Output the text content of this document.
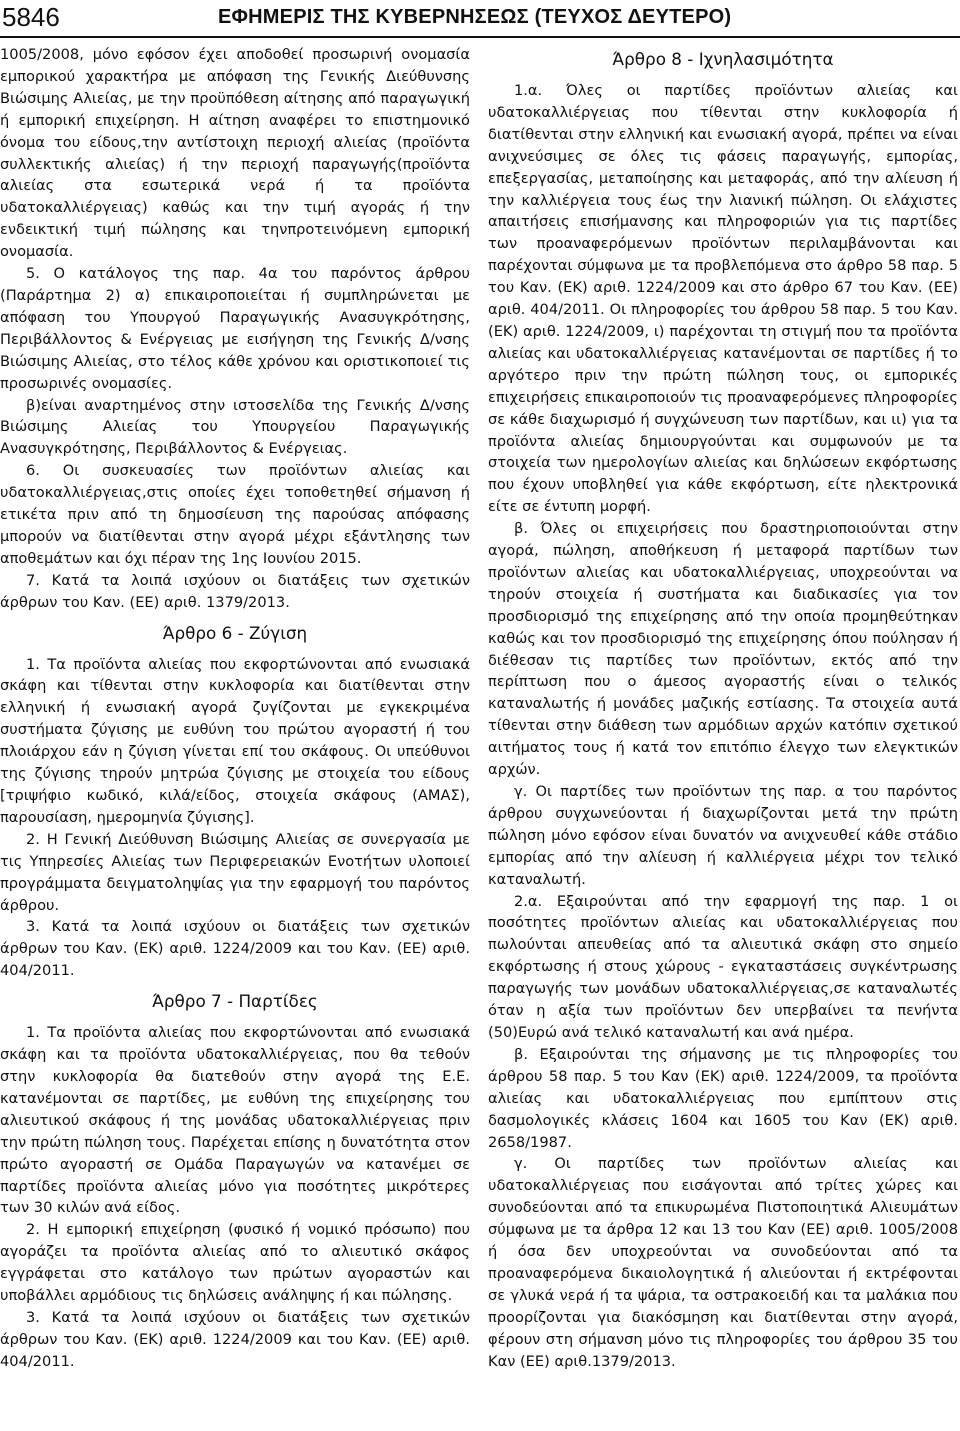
5846	ΕΦΗΜΕΡΙΣ ΤΗΣ ΚΥΒΕΡΝΗΣΕΩΣ (ΤΕΥΧΟΣ ΔΕΥΤΕΡΟ)

1005/2008, μόνο εφόσον έχει αποδοθεί προσωρινή ονομασία εμπορικού χαρακτήρα με απόφαση της Γενικής Διεύθυνσης Βιώσιμης Αλιείας, με την προϋπόθεση αίτησης από παραγωγική ή εμπορική επιχείρηση. Η αίτηση αναφέρει το επιστημονικό όνομα του είδους,την αντίστοιχη περιοχή αλιείας (προϊόντα συλλεκτικής αλιείας) ή την περιοχή παραγωγής(προϊόντα αλιείας στα εσωτερικά νερά ή τα προϊόντα υδατοκαλλιέργειας) καθώς και την τιμή αγοράς ή την ενδεικτική τιμή πώλησης και τηνπροτεινόμενη εμπορική ονομασία.

5. Ο κατάλογος της παρ. 4α του παρόντος άρθρου (Παράρτημα 2) α) επικαιροποιείται ή συμπληρώνεται με απόφαση του Υπουργού Παραγωγικής Ανασυγκρότησης, Περιβάλλοντος & Ενέργειας με εισήγηση της Γενικής Δ/νσης Βιώσιμης Αλιείας, στο τέλος κάθε χρόνου και οριστικοποιεί τις προσωρινές ονομασίες.

β)είναι αναρτημένος στην ιστοσελίδα της Γενικής Δ/νσης Βιώσιμης Αλιείας του Υπουργείου Παραγωγικής Ανασυγκρότησης, Περιβάλλοντος & Ενέργειας.

6. Οι συσκευασίες των προϊόντων αλιείας και υδατοκαλλιέργειας,στις οποίες έχει τοποθετηθεί σήμανση ή ετικέτα πριν από τη δημοσίευση της παρούσας απόφασης μπορούν να διατίθενται στην αγορά μέχρι εξάντλησης των αποθεμάτων και όχι πέραν της 1ης Ιουνίου 2015.

7. Κατά τα λοιπά ισχύουν οι διατάξεις των σχετικών άρθρων του Καν. (ΕΕ) αριθ. 1379/2013.

Άρθρο 6 - Ζύγιση

1. Τα προϊόντα αλιείας που εκφορτώνονται από ενωσιακά σκάφη και τίθενται στην κυκλοφορία και διατίθενται στην ελληνική ή ενωσιακή αγορά ζυγίζονται με εγκεκριμένα συστήματα ζύγισης με ευθύνη του πρώτου αγοραστή ή του πλοιάρχου εάν η ζύγιση γίνεται επί του σκάφους. Οι υπεύθυνοι της ζύγισης τηρούν μητρώα ζύγισης με στοιχεία του είδους [τριψήφιο κωδικό, κιλά/είδος, στοιχεία σκάφους (ΑΜΑΣ), παρουσίαση, ημερομηνία ζύγισης].

2. Η Γενική Διεύθυνση Βιώσιμης Αλιείας σε συνεργασία με τις Υπηρεσίες Αλιείας των Περιφερειακών Ενοτήτων υλοποιεί προγράμματα δειγματοληψίας για την εφαρμογή του παρόντος άρθρου.

3. Κατά τα λοιπά ισχύουν οι διατάξεις των σχετικών άρθρων του Καν. (ΕΚ) αριθ. 1224/2009 και του Καν. (ΕΕ) αριθ. 404/2011.

Άρθρο 7 - Παρτίδες

1. Τα προϊόντα αλιείας που εκφορτώνονται από ενωσιακά σκάφη και τα προϊόντα υδατοκαλλιέργειας, που θα τεθούν στην κυκλοφορία θα διατεθούν στην αγορά της Ε.Ε. κατανέμονται σε παρτίδες, με ευθύνη της επιχείρησης του αλιευτικού σκάφους ή της μονάδας υδατοκαλλιέργειας πριν την πρώτη πώληση τους. Παρέχεται επίσης η δυνατότητα στον πρώτο αγοραστή σε Ομάδα Παραγωγών να κατανέμει σε παρτίδες προϊόντα αλιείας μόνο για ποσότητες μικρότερες των 30 κιλών ανά είδος.

2. Η εμπορική επιχείρηση (φυσικό ή νομικό πρόσωπο) που αγοράζει τα προϊόντα αλιείας από το αλιευτικό σκάφος εγγράφεται στο κατάλογο των πρώτων αγοραστών και υποβάλλει αρμόδιους τις δηλώσεις ανάληψης ή και πώλησης.

3. Κατά τα λοιπά ισχύουν οι διατάξεις των σχετικών άρθρων του Καν. (ΕΚ) αριθ. 1224/2009 και του Καν. (ΕΕ) αριθ. 404/2011.

Άρθρο 8 - Ιχνηλασιμότητα

1.α. Όλες οι παρτίδες προϊόντων αλιείας και υδατοκαλλιέργειας που τίθενται στην κυκλοφορία ή διατίθενται στην ελληνική και ενωσιακή αγορά, πρέπει να είναι ανιχνεύσιμες σε όλες τις φάσεις παραγωγής, εμπορίας, επεξεργασίας, μεταποίησης και μεταφοράς, από την αλίευση ή την καλλιέργεια τους έως την λιανική πώληση. Οι ελάχιστες απαιτήσεις επισήμανσης και πληροφοριών για τις παρτίδες των προαναφερόμενων προϊόντων περιλαμβάνονται και παρέχονται σύμφωνα με τα προβλεπόμενα στο άρθρο 58 παρ. 5 του Καν. (ΕΚ) αριθ. 1224/2009 και στο άρθρο 67 του Καν. (ΕΕ) αριθ. 404/2011. Οι πληροφορίες του άρθρου 58 παρ. 5 του Καν. (ΕΚ) αριθ. 1224/2009, ι) παρέχονται τη στιγμή που τα προϊόντα αλιείας και υδατοκαλλιέργειας κατανέμονται σε παρτίδες ή το αργότερο πριν την πρώτη πώληση τους, οι εμπορικές επιχειρήσεις επικαιροποιούν τις προαναφερόμενες πληροφορίες σε κάθε διαχωρισμό ή συγχώνευση των παρτίδων, και ιι) για τα προϊόντα αλιείας δημιουργούνται και συμφωνούν με τα στοιχεία των ημερολογίων αλιείας και δηλώσεων εκφόρτωσης που έχουν υποβληθεί για κάθε εκφόρτωση, είτε ηλεκτρονικά είτε σε έντυπη μορφή.

β. Όλες οι επιχειρήσεις που δραστηριοποιούνται στην αγορά, πώληση, αποθήκευση ή μεταφορά παρτίδων των προϊόντων αλιείας και υδατοκαλλιέργειας, υποχρεούνται να τηρούν στοιχεία ή συστήματα και διαδικασίες για τον προσδιορισμό της επιχείρησης από την οποία προμηθεύτηκαν καθώς και τον προσδιορισμό της επιχείρησης όπου πούλησαν ή διέθεσαν τις παρτίδες των προϊόντων, εκτός από την περίπτωση που ο άμεσος αγοραστής είναι ο τελικός καταναλωτής ή μονάδες μαζικής εστίασης. Τα στοιχεία αυτά τίθενται στην διάθεση των αρμόδιων αρχών κατόπιν σχετικού αιτήματος τους ή κατά τον επιτόπιο έλεγχο των ελεγκτικών αρχών.

γ. Οι παρτίδες των προϊόντων της παρ. α του παρόντος άρθρου συγχωνεύονται ή διαχωρίζονται μετά την πρώτη πώληση μόνο εφόσον είναι δυνατόν να ανιχνευθεί κάθε στάδιο εμπορίας από την αλίευση ή καλλιέργεια μέχρι τον τελικό καταναλωτή.

2.α. Εξαιρούνται από την εφαρμογή της παρ. 1 οι ποσότητες προϊόντων αλιείας και υδατοκαλλιέργειας που πωλούνται απευθείας από τα αλιευτικά σκάφη στο σημείο εκφόρτωσης ή στους χώρους - εγκαταστάσεις συγκέντρωσης παραγωγής των μονάδων υδατοκαλλιέργειας,σε καταναλωτές όταν η αξία των προϊόντων δεν υπερβαίνει τα πενήντα (50)Ευρώ ανά τελικό καταναλωτή και ανά ημέρα.

β. Εξαιρούνται της σήμανσης με τις πληροφορίες του άρθρου 58 παρ. 5 του Καν (ΕΚ) αριθ. 1224/2009, τα προϊόντα αλιείας και υδατοκαλλιέργειας που εμπίπτουν στις δασμολογικές κλάσεις 1604 και 1605 του Καν (ΕΚ) αριθ. 2658/1987.

γ. Οι παρτίδες των προϊόντων αλιείας και υδατοκαλλιέργειας που εισάγονται από τρίτες χώρες και συνοδεύονται από τα επικυρωμένα Πιστοποιητικά Αλιευμάτων σύμφωνα με τα άρθρα 12 και 13 του Καν (ΕΕ) αριθ. 1005/2008 ή όσα δεν υποχρεούνται να συνοδεύονται από τα προαναφερόμενα δικαιολογητικά ή αλιεύονται ή εκτρέφονται σε γλυκά νερά ή τα ψάρια, τα οστρακοειδή και τα μαλάκια που προορίζονται για διακόσμηση και διατίθενται στην αγορά, φέρουν στη σήμανση μόνο τις πληροφορίες του άρθρου 35 του Καν (ΕΕ) αριθ.1379/2013.
